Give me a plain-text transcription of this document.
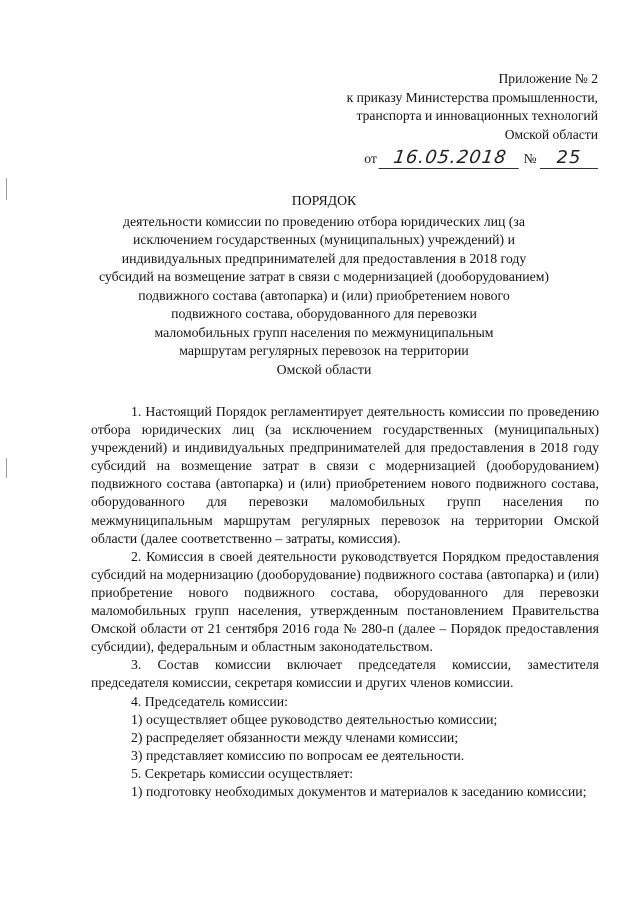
Приложение № 2
к приказу Министерства промышленности,
транспорта и инновационных технологий
Омской области
от 16.05.2018 № 25
ПОРЯДОК
деятельности комиссии по проведению отбора юридических лиц (за
исключением государственных (муниципальных) учреждений) и
индивидуальных предпринимателей для предоставления в 2018 году
субсидий на возмещение затрат в связи с модернизацией (дооборудованием)
подвижного состава (автопарка) и (или) приобретением нового
подвижного состава, оборудованного для перевозки
маломобильных групп населения по межмуниципальным
маршрутам регулярных перевозок на территории
Омской области

1. Настоящий Порядок регламентирует деятельность комиссии по проведению отбора юридических лиц (за исключением государственных (муниципальных) учреждений) и индивидуальных предпринимателей для предоставления в 2018 году субсидий на возмещение затрат в связи с модернизацией (дооборудованием) подвижного состава (автопарка) и (или) приобретением нового подвижного состава, оборудованного для перевозки маломобильных групп населения по межмуниципальным маршрутам регулярных перевозок на территории Омской области (далее соответственно – затраты, комиссия).

2. Комиссия в своей деятельности руководствуется Порядком предоставления субсидий на модернизацию (дооборудование) подвижного состава (автопарка) и (или) приобретение нового подвижного состава, оборудованного для перевозки маломобильных групп населения, утвержденным постановлением Правительства Омской области от 21 сентября 2016 года № 280-п (далее – Порядок предоставления субсидии), федеральным и областным законодательством.

3. Состав комиссии включает председателя комиссии, заместителя председателя комиссии, секретаря комиссии и других членов комиссии.

4. Председатель комиссии:

1) осуществляет общее руководство деятельностью комиссии;

2) распределяет обязанности между членами комиссии;

3) представляет комиссию по вопросам ее деятельности.

5. Секретарь комиссии осуществляет:

1) подготовку необходимых документов и материалов к заседанию комиссии;
